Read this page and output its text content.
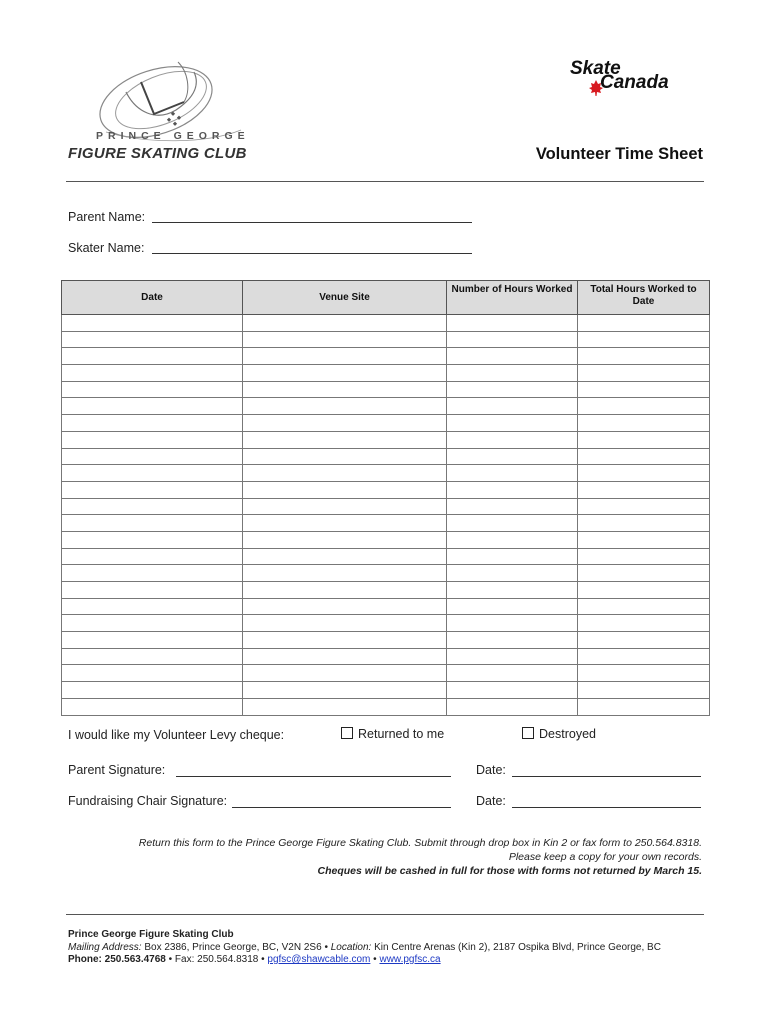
PRINCE GEORGE
FIGURE SKATING CLUB
Skate
Canada
Volunteer Time Sheet
Parent Name:
Skater Name:
Date	Venue Site	Number of Hours Worked	Total Hours Worked to Date

I would like my Volunteer Levy cheque:	Returned to me	Destroyed
Parent Signature:	Date:
Fundraising Chair Signature:	Date:
Return this form to the Prince George Figure Skating Club. Submit through drop box in Kin 2 or fax form to 250.564.8318.
Please keep a copy for your own records.
Cheques will be cashed in full for those with forms not returned by March 15.
Prince George Figure Skating Club
Mailing Address: Box 2386, Prince George, BC, V2N 2S6 • Location: Kin Centre Arenas (Kin 2), 2187 Ospika Blvd, Prince George, BC
Phone: 250.563.4768 • Fax: 250.564.8318 • pgfsc@shawcable.com • www.pgfsc.ca
